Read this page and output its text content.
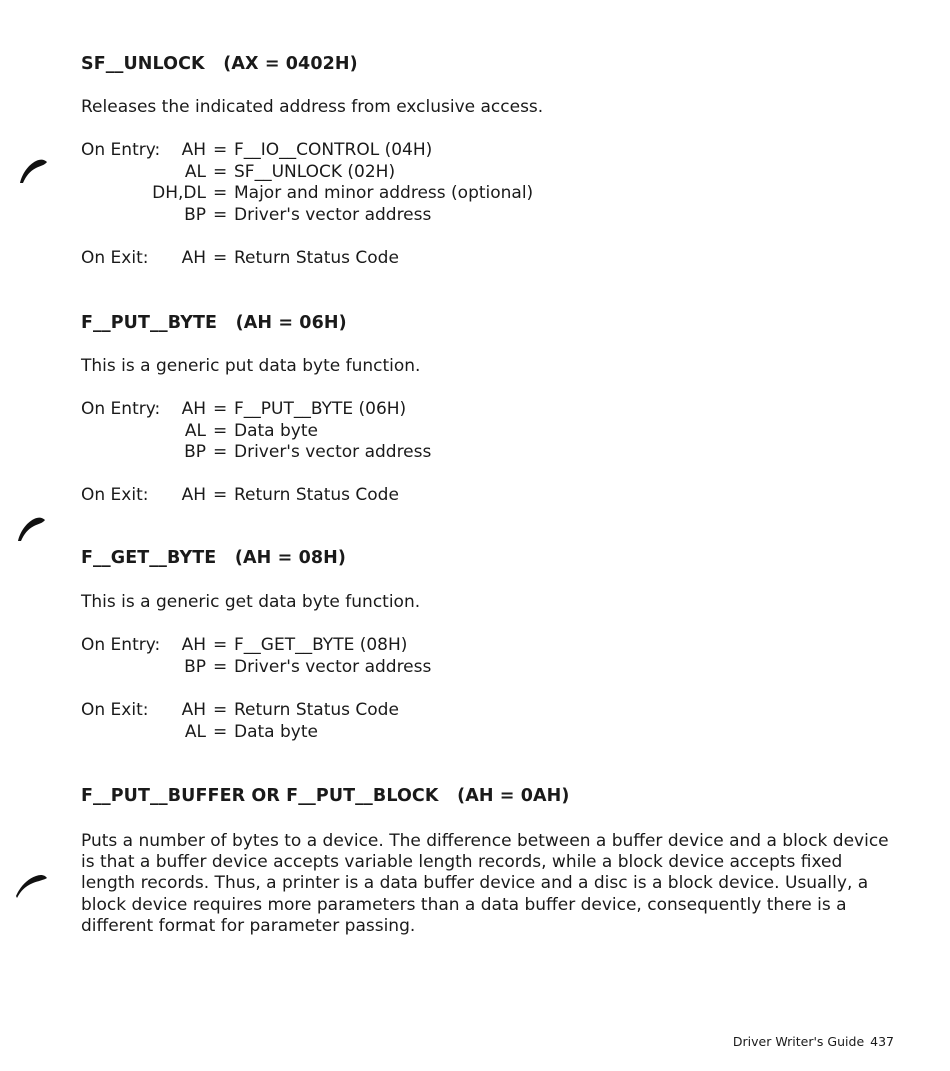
SF__UNLOCK   (AX = 0402H)

Releases the indicated address from exclusive access.

On Entry:	AH = F__IO__CONTROL (04H)
AL = SF__UNLOCK (02H)
DH,DL = Major and minor address (optional)
BP = Driver's vector address
On Exit:	AH = Return Status Code

F__PUT__BYTE   (AH = 06H)

This is a generic put data byte function.

On Entry:	AH = F__PUT__BYTE (06H)
AL = Data byte
BP = Driver's vector address
On Exit:	AH = Return Status Code

F__GET__BYTE   (AH = 08H)

This is a generic get data byte function.

On Entry:	AH = F__GET__BYTE (08H)
BP = Driver's vector address
On Exit:	AH = Return Status Code
AL = Data byte

F__PUT__BUFFER OR F__PUT__BLOCK   (AH = 0AH)

Puts a number of bytes to a device. The difference between a buffer device and a block device is that a buffer device accepts variable length records, while a block device accepts fixed length records. Thus, a printer is a data buffer device and a disc is a block device. Usually, a block device requires more parameters than a data buffer device, consequently there is a different format for parameter passing.

Driver Writer's Guide 437
